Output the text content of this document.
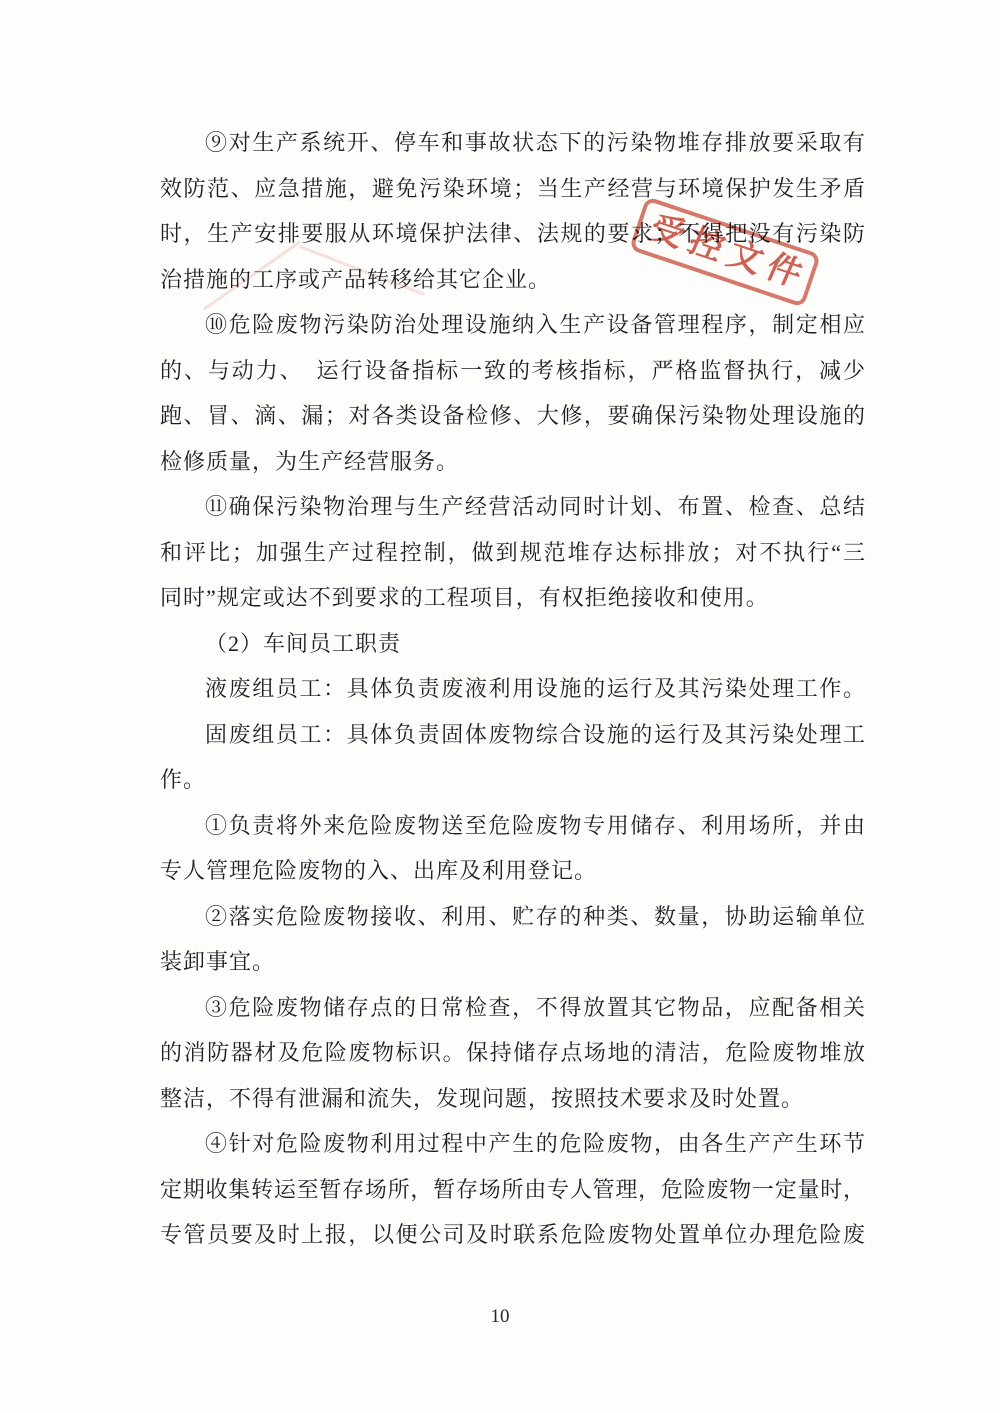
⑨对生产系统开、停车和事故状态下的污染物堆存排放要采取有
效防范、应急措施，避免污染环境；当生产经营与环境保护发生矛盾
时，生产安排要服从环境保护法律、法规的要求；不得把没有污染防
治措施的工序或产品转移给其它企业。
⑩危险废物污染防治处理设施纳入生产设备管理程序，制定相应
的、与动力、　运行设备指标一致的考核指标，严格监督执行，减少
跑、冒、滴、漏；对各类设备检修、大修，要确保污染物处理设施的
检修质量，为生产经营服务。
⑪确保污染物治理与生产经营活动同时计划、布置、检查、总结
和评比；加强生产过程控制，做到规范堆存达标排放；对不执行“三
同时”规定或达不到要求的工程项目，有权拒绝接收和使用。
（2）车间员工职责
液废组员工：具体负责废液利用设施的运行及其污染处理工作。
固废组员工：具体负责固体废物综合设施的运行及其污染处理工
作。
①负责将外来危险废物送至危险废物专用储存、利用场所，并由
专人管理危险废物的入、出库及利用登记。
②落实危险废物接收、利用、贮存的种类、数量，协助运输单位
装卸事宜。
③危险废物储存点的日常检查，不得放置其它物品，应配备相关
的消防器材及危险废物标识。保持储存点场地的清洁，危险废物堆放
整洁，不得有泄漏和流失，发现问题，按照技术要求及时处置。
④针对危险废物利用过程中产生的危险废物，由各生产产生环节
定期收集转运至暂存场所，暂存场所由专人管理，危险废物一定量时，
专管员要及时上报，以便公司及时联系危险废物处置单位办理危险废
受控文件
10
